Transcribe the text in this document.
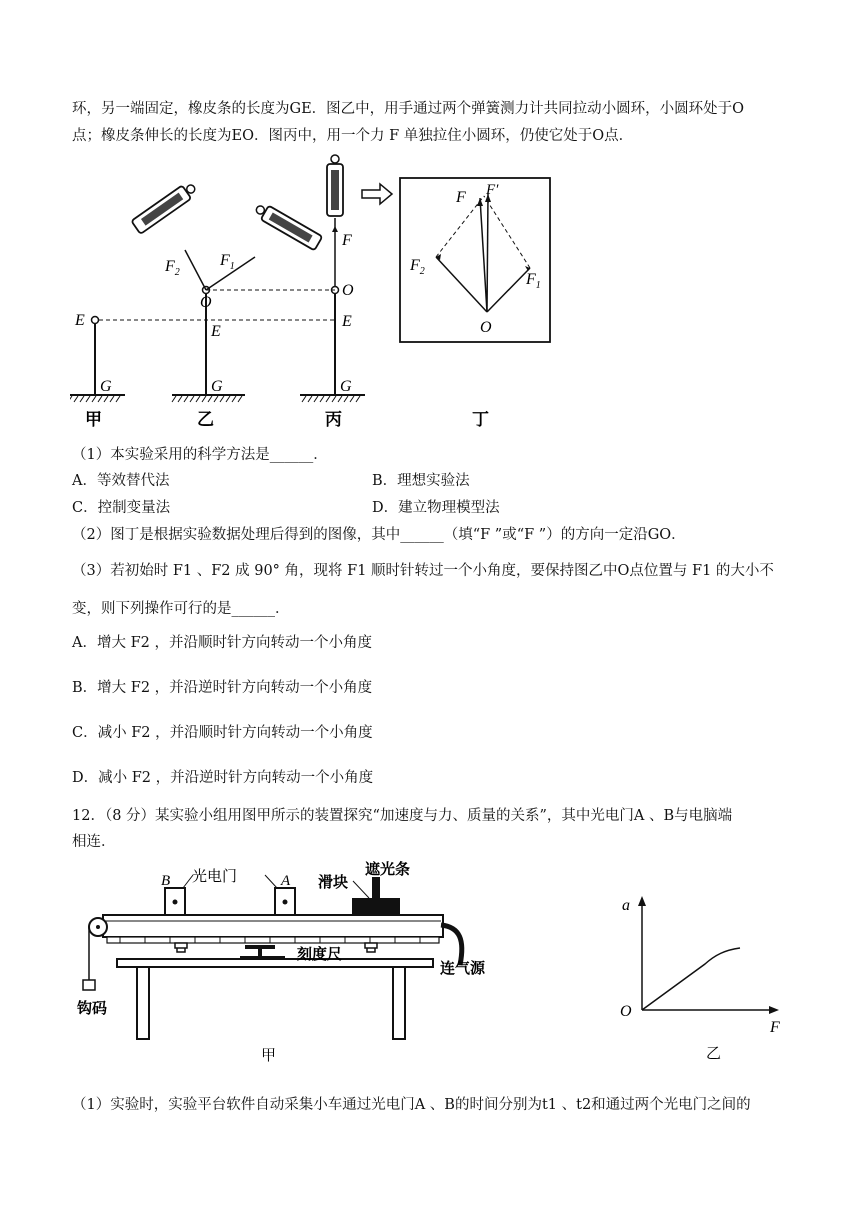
环，另一端固定，橡皮条的长度为GE．图乙中，用手通过两个弹簧测力计共同拉动小圆环，小圆环处于O
点；橡皮条伸长的长度为EO．图丙中，用一个力 F 单独拉住小圆环，仍使它处于O点．
E
G
O
E
G
$F_2$
$F_1$
F
O
E
G
F F′
$F_2$	$F_1$
O
甲	乙	丙	丁
（1）本实验采用的科学方法是______．
A．等效替代法	B．理想实验法
C．控制变量法	D．建立物理模型法
（2）图丁是根据实验数据处理后得到的图像，其中______（填“F ”或“F ”）的方向一定沿GO．
（3）若初始时 F1 、F2 成 90° 角，现将 F1 顺时针转过一个小角度，要保持图乙中O点位置与 F1 的大小不
变，则下列操作可行的是______．
A．增大 F2 ，并沿顺时针方向转动一个小角度
B．增大 F2 ，并沿逆时针方向转动一个小角度
C．减小 F2 ，并沿顺时针方向转动一个小角度
D．减小 F2 ，并沿逆时针方向转动一个小角度
12．（8 分）某实验小组用图甲所示的装置探究“加速度与力、质量的关系”，其中光电门A 、B与电脑端
相连．
B	A
光电门	滑块
遮光条
刻度尺
连气源
钩码
甲
a
O
F
乙
（1）实验时，实验平台软件自动采集小车通过光电门A 、B的时间分别为t1 、t2和通过两个光电门之间的
